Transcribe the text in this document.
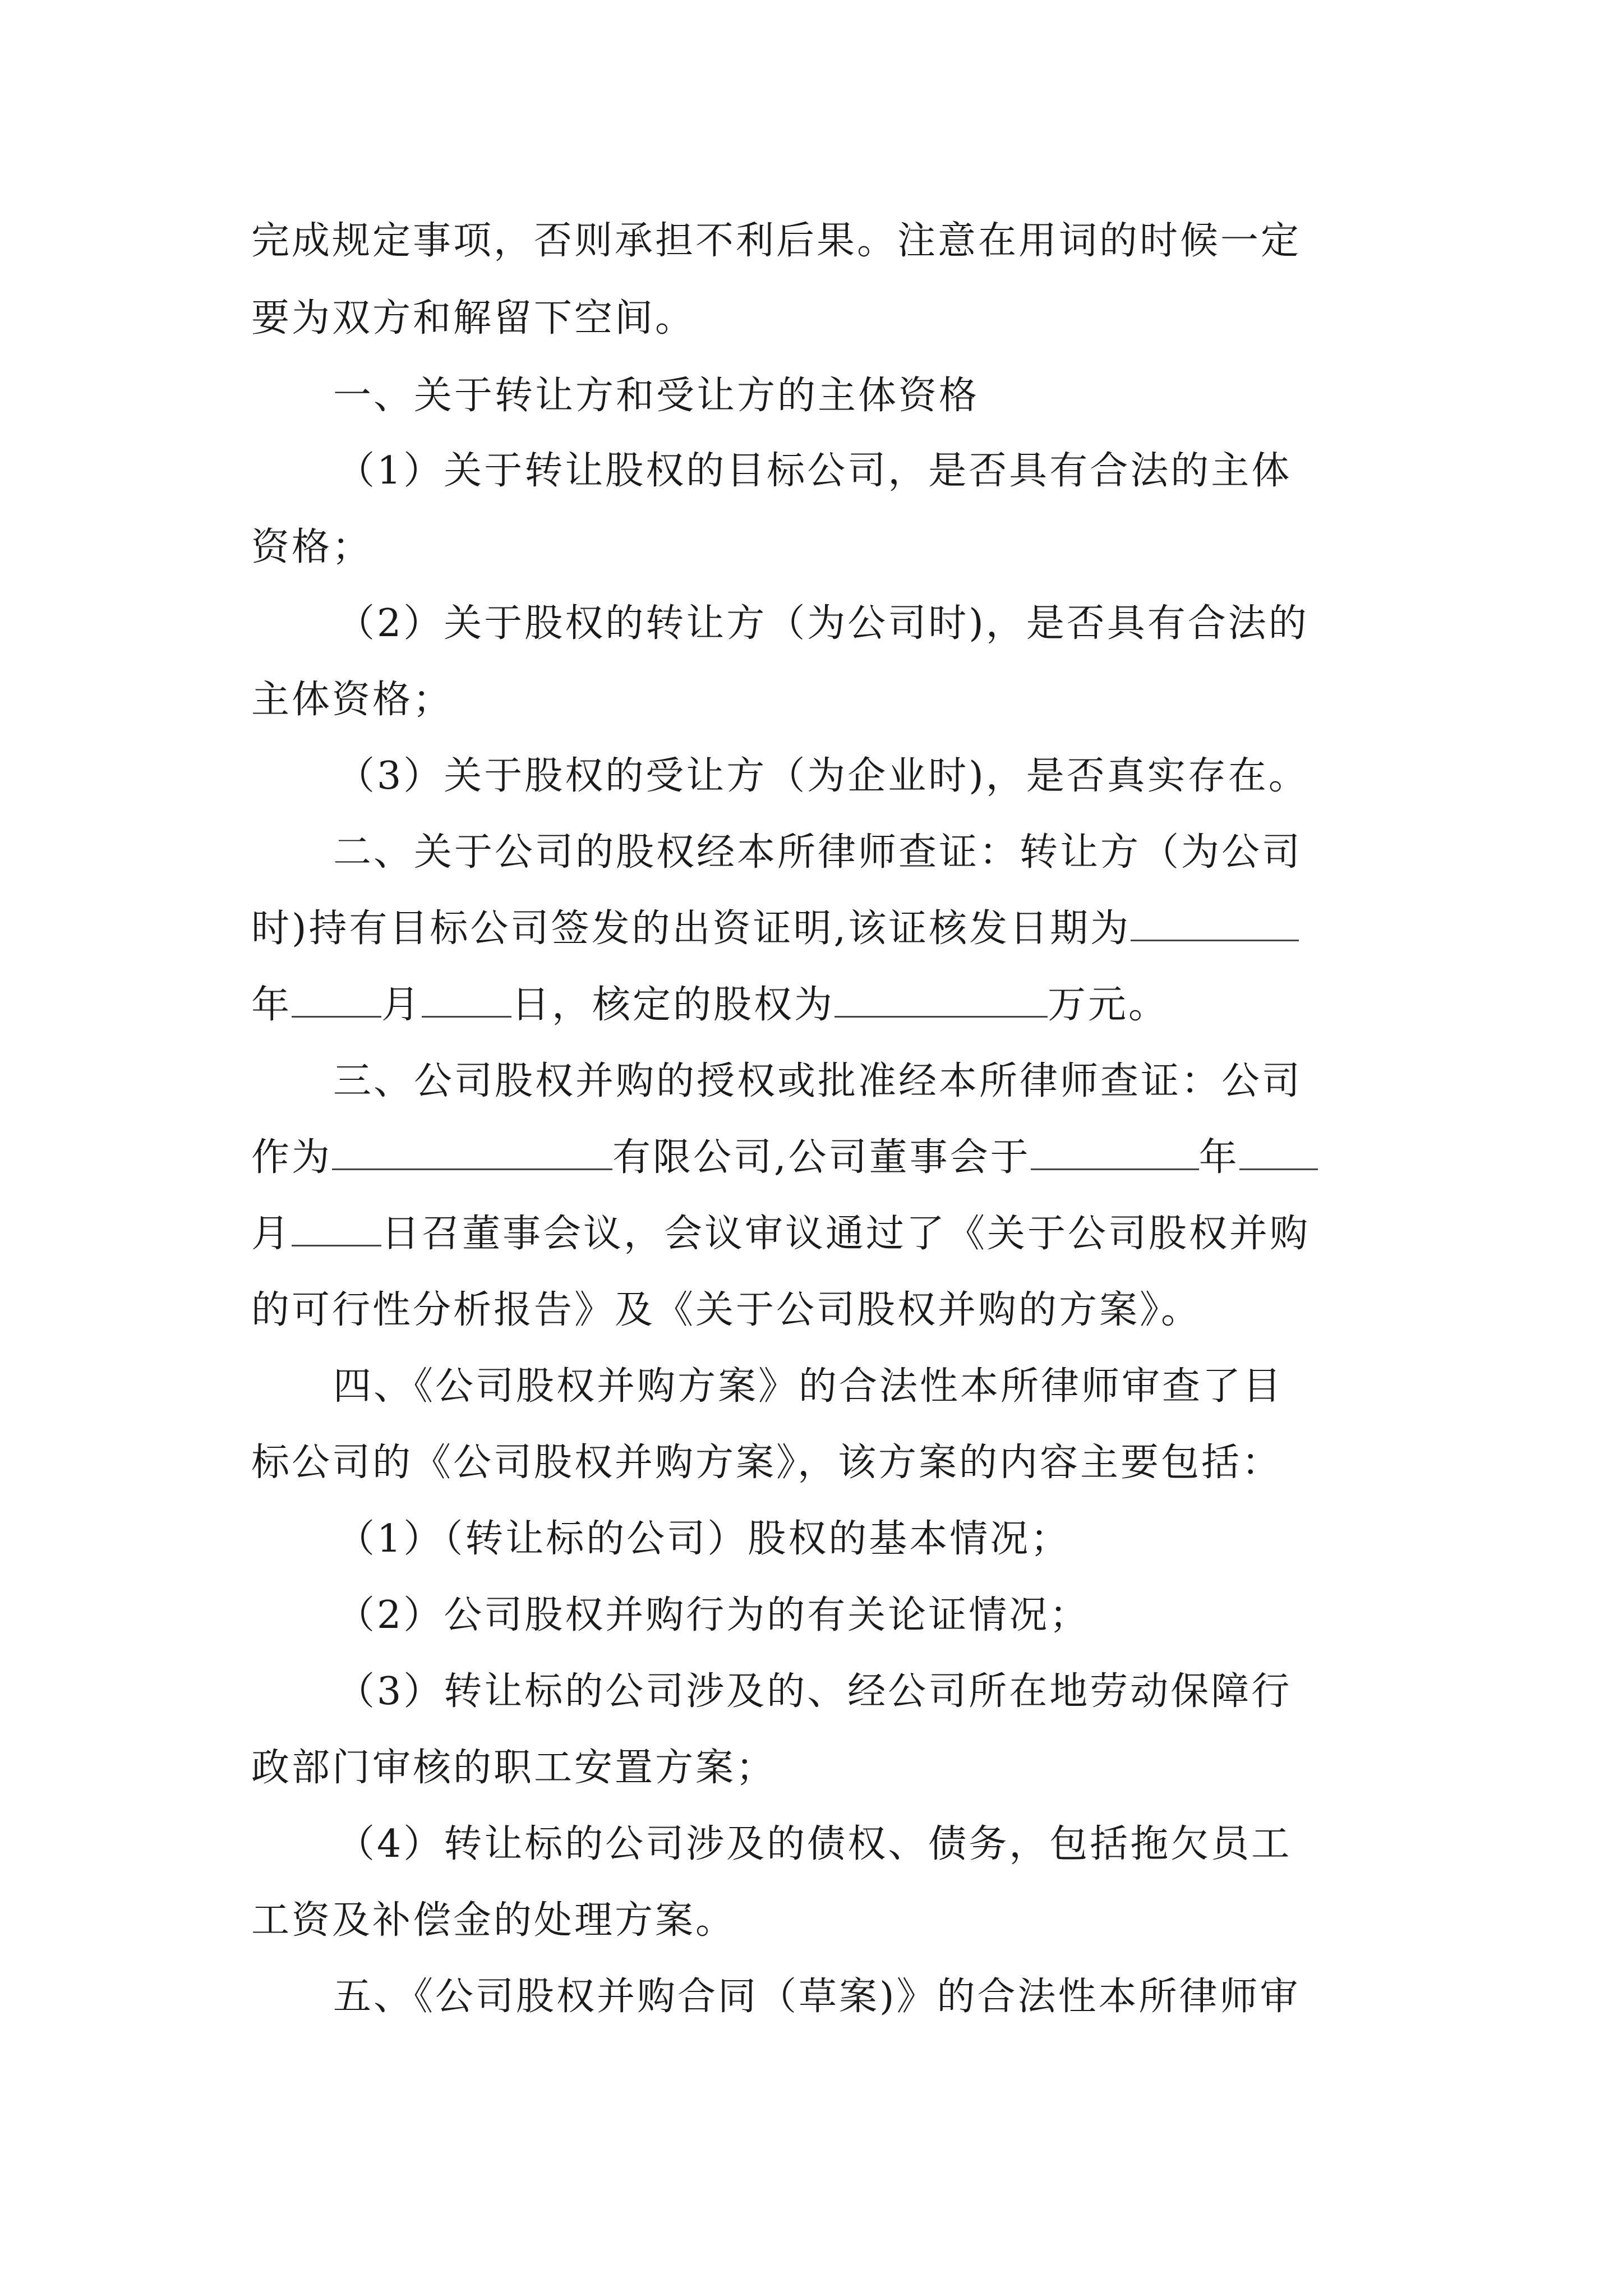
完成规定事项，否则承担不利后果。注意在用词的时候一定
要为双方和解留下空间。
一、关于转让方和受让方的主体资格
（1）关于转让股权的目标公司，是否具有合法的主体
资格；
（2）关于股权的转让方（为公司时)，是否具有合法的
主体资格；
（3）关于股权的受让方（为企业时)，是否真实存在。
二、关于公司的股权经本所律师查证：转让方（为公司
时)持有目标公司签发的出资证明,该证核发日期为
年 月 日，核定的股权为	万元。
三、公司股权并购的授权或批准经本所律师查证：公司
作为	有限公司,公司董事会于	年
月 日召董事会议，会议审议通过了《关于公司股权并购
的可行性分析报告》及《关于公司股权并购的方案》。
四、《公司股权并购方案》的合法性本所律师审查了目
标公司的《公司股权并购方案》，该方案的内容主要包括：
（1）（转让标的公司）股权的基本情况；
（2）公司股权并购行为的有关论证情况；
（3）转让标的公司涉及的、经公司所在地劳动保障行
政部门审核的职工安置方案；
（4）转让标的公司涉及的债权、债务，包括拖欠员工
工资及补偿金的处理方案。
五、《公司股权并购合同（草案)》的合法性本所律师审
